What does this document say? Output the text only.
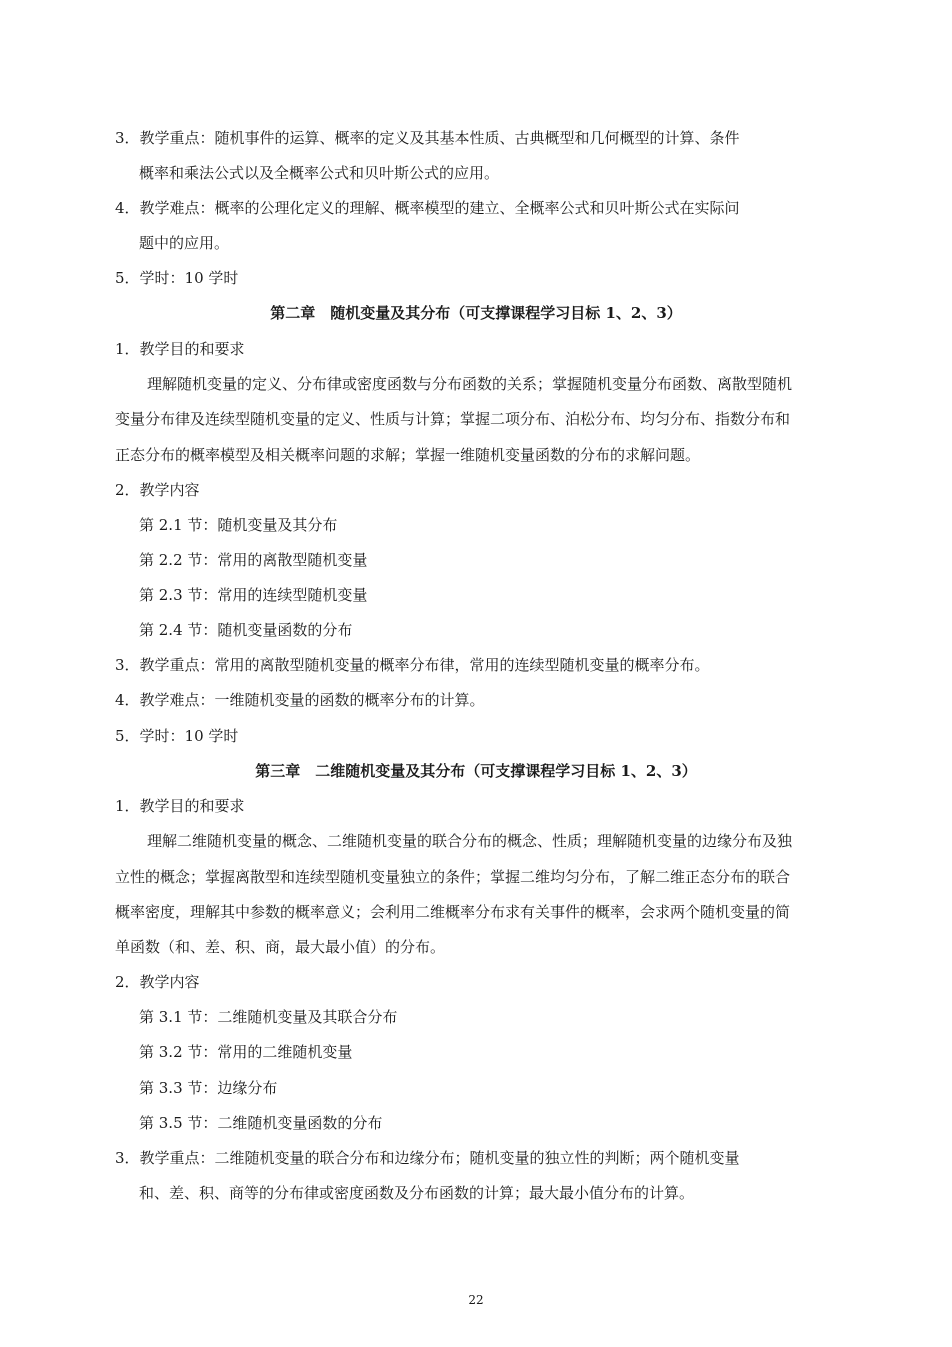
3．教学重点：随机事件的运算、概率的定义及其基本性质、古典概型和几何概型的计算、条件
概率和乘法公式以及全概率公式和贝叶斯公式的应用。
4．教学难点：概率的公理化定义的理解、概率模型的建立、全概率公式和贝叶斯公式在实际问
题中的应用。
5．学时：10 学时
第二章　随机变量及其分布（可支撑课程学习目标 1、2、3）
1．教学目的和要求
理解随机变量的定义、分布律或密度函数与分布函数的关系；掌握随机变量分布函数、离散型随机
变量分布律及连续型随机变量的定义、性质与计算；掌握二项分布、泊松分布、均匀分布、指数分布和
正态分布的概率模型及相关概率问题的求解；掌握一维随机变量函数的分布的求解问题。
2．教学内容
第 2.1 节：随机变量及其分布
第 2.2 节：常用的离散型随机变量
第 2.3 节：常用的连续型随机变量
第 2.4 节：随机变量函数的分布
3．教学重点：常用的离散型随机变量的概率分布律，常用的连续型随机变量的概率分布。
4．教学难点：一维随机变量的函数的概率分布的计算。
5．学时：10 学时
第三章　二维随机变量及其分布（可支撑课程学习目标 1、2、3）
1．教学目的和要求
理解二维随机变量的概念、二维随机变量的联合分布的概念、性质；理解随机变量的边缘分布及独
立性的概念；掌握离散型和连续型随机变量独立的条件；掌握二维均匀分布，了解二维正态分布的联合
概率密度，理解其中参数的概率意义；会利用二维概率分布求有关事件的概率，会求两个随机变量的简
单函数（和、差、积、商，最大最小值）的分布。
2．教学内容
第 3.1 节：二维随机变量及其联合分布
第 3.2 节：常用的二维随机变量
第 3.3 节：边缘分布
第 3.5 节：二维随机变量函数的分布
3．教学重点：二维随机变量的联合分布和边缘分布；随机变量的独立性的判断；两个随机变量
和、差、积、商等的分布律或密度函数及分布函数的计算；最大最小值分布的计算。
22
